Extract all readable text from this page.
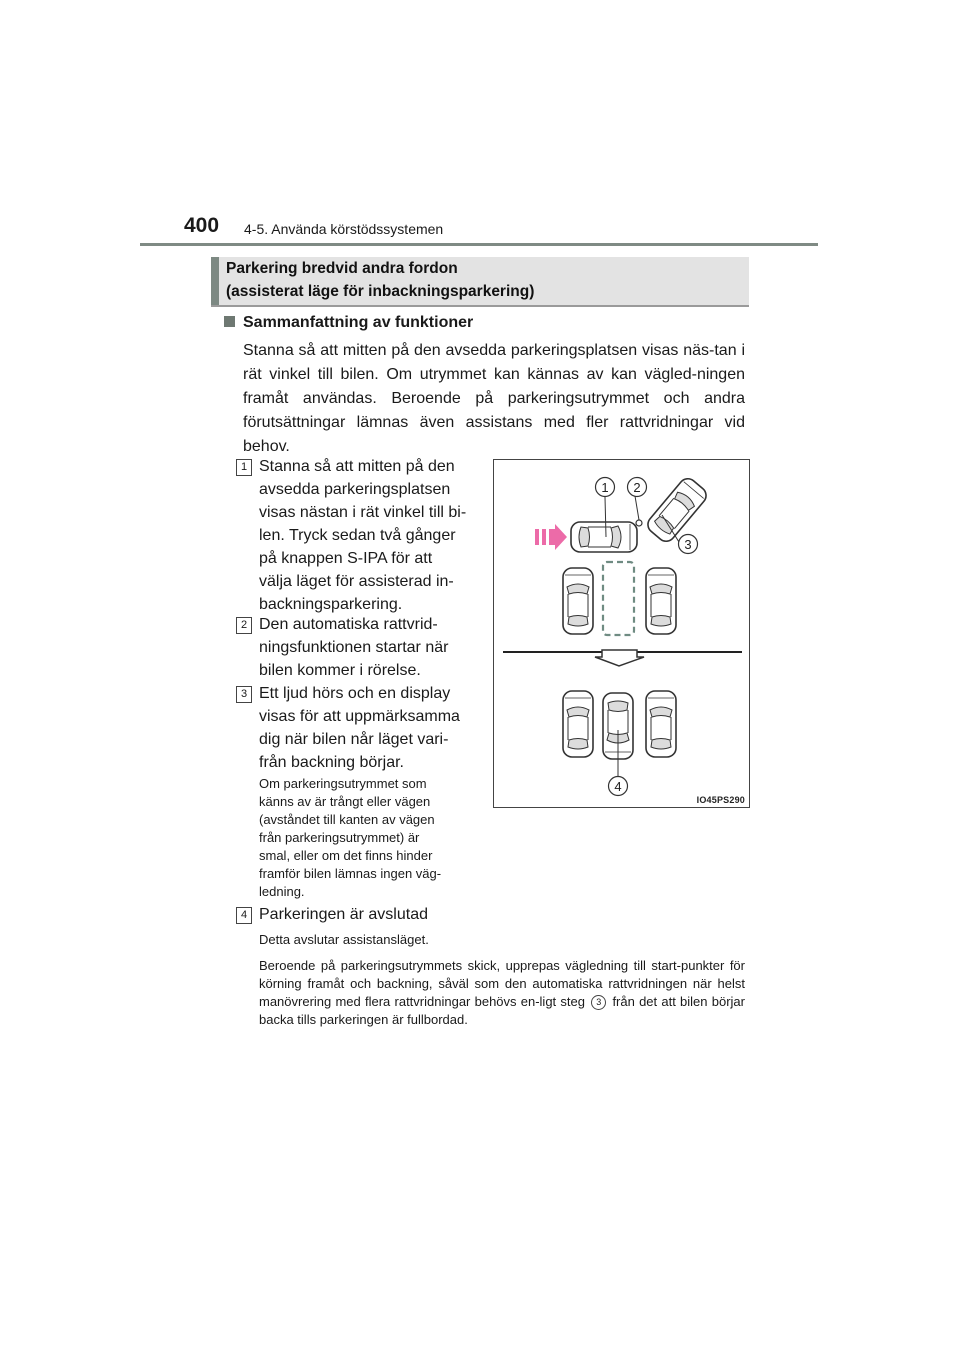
400 4-5. Använda körstödssystemen
Parkering bredvid andra fordon
(assisterat läge för inbackningsparkering)
Sammanfattning av funktioner
Stanna så att mitten på den avsedda parkeringsplatsen visas näs-tan i rät vinkel till bilen. Om utrymmet kan kännas av kan vägled-ningen framåt användas. Beroende på parkeringsutrymmet och andra förutsättningar lämnas även assistans med fler rattvridningar vid behov.
1 Stanna så att mitten på den
avsedda parkeringsplatsen
visas nästan i rät vinkel till bi-
len. Tryck sedan två gånger
på knappen S-IPA för att
välja läget för assisterad in-
backningsparkering.
2 Den automatiska rattvrid-
ningsfunktionen startar när
bilen kommer i rörelse.
3 Ett ljud hörs och en display
visas för att uppmärksamma
dig när bilen når läget vari-
från backning börjar.
Om parkeringsutrymmet som
känns av är trångt eller vägen
(avståndet till kanten av vägen
från parkeringsutrymmet) är
smal, eller om det finns hinder
framför bilen lämnas ingen väg-
ledning.
4 Parkeringen är avslutad
Detta avslutar assistansläget.
Beroende på parkeringsutrymmets skick, upprepas vägledning till start-punkter för körning framåt och backning, såväl som den automatiska rattvridningen när helst manövrering med flera rattvridningar behövs en-ligt steg 3 från det att bilen börjar backa tills parkeringen är fullbordad.
1 2
3
4
IO45PS290
